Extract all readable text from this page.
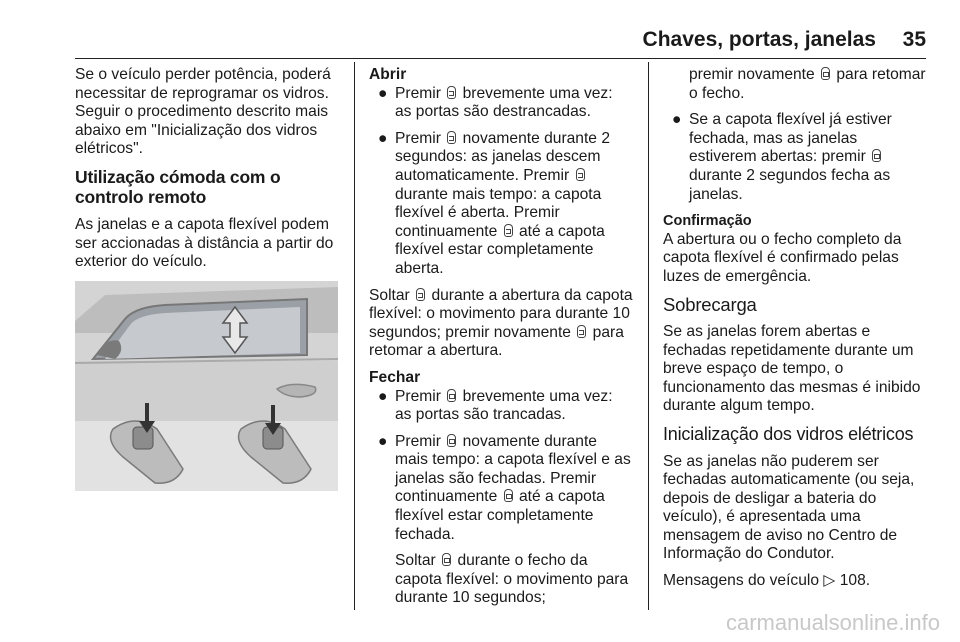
Chaves, portas, janelas 35

Se o veículo perder potência, poderá necessitar de reprogramar os vidros. Seguir o procedimento descrito mais abaixo em "Inicialização dos vidros elétricos".

Utilização cómoda com o controlo remoto

As janelas e a capota flexível podem ser accionadas à distância a partir do exterior do veículo.

Abrir
● Premir brevemente uma vez: as portas são destrancadas.
● Premir novamente durante 2 segundos: as janelas descem automaticamente. Premir  durante mais tempo: a capota flexível é aberta. Premir continuamente até a capota flexível estar completamente aberta.

Soltar durante a abertura da capota flexível: o movimento para durante 10 segundos; premir novamente para retomar a abertura.

Fechar
● Premir brevemente uma vez: as portas são trancadas.
● Premir novamente durante mais tempo: a capota flexível e as janelas são fechadas. Premir continuamente até a capota flexível estar completamente fechada.

Soltar durante o fecho da capota flexível: o movimento para durante 10 segundos;

premir novamente para retomar o fecho.

● Se a capota flexível já estiver fechada, mas as janelas estiverem abertas: premir  durante 2 segundos fecha as janelas.
Confirmação

A abertura ou o fecho completo da capota flexível é confirmado pelas luzes de emergência.

Sobrecarga

Se as janelas forem abertas e fechadas repetidamente durante um breve espaço de tempo, o funcionamento das mesmas é inibido durante algum tempo.

Inicialização dos vidros elétricos

Se as janelas não puderem ser fechadas automaticamente (ou seja, depois de desligar a bateria do veículo), é apresentada uma mensagem de aviso no Centro de Informação do Condutor.

Mensagens do veículo ▷ 108.

carmanualsonline.info
